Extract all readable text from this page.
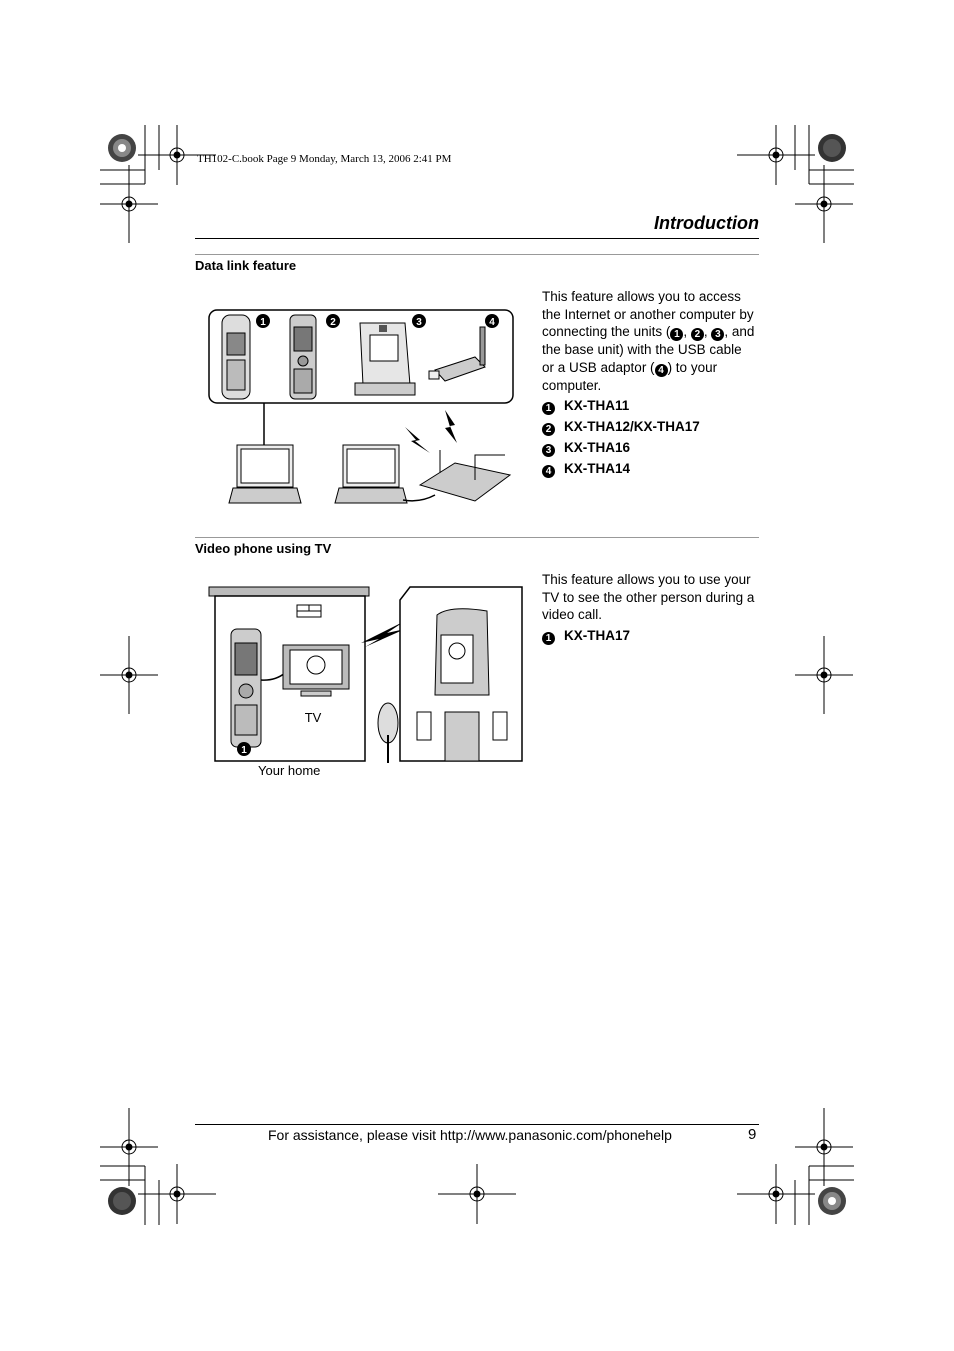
TH102-C.book Page 9 Monday, March 13, 2006 2:41 PM
Introduction
Data link feature
1	2	3	4
This feature allows you to access the Internet or another computer by connecting the units ( 1 , 2 , 3 , and the base unit) with the USB cable or a USB adaptor ( 4 ) to your computer.
1 KX-THA11
2 KX-THA12/KX-THA17
3 KX-THA16
4 KX-THA14
Video phone using TV
TV
1
Your home
This feature allows you to use your TV to see the other person during a video call.
1 KX-THA17
For assistance, please visit http://www.panasonic.com/phonehelp	9
